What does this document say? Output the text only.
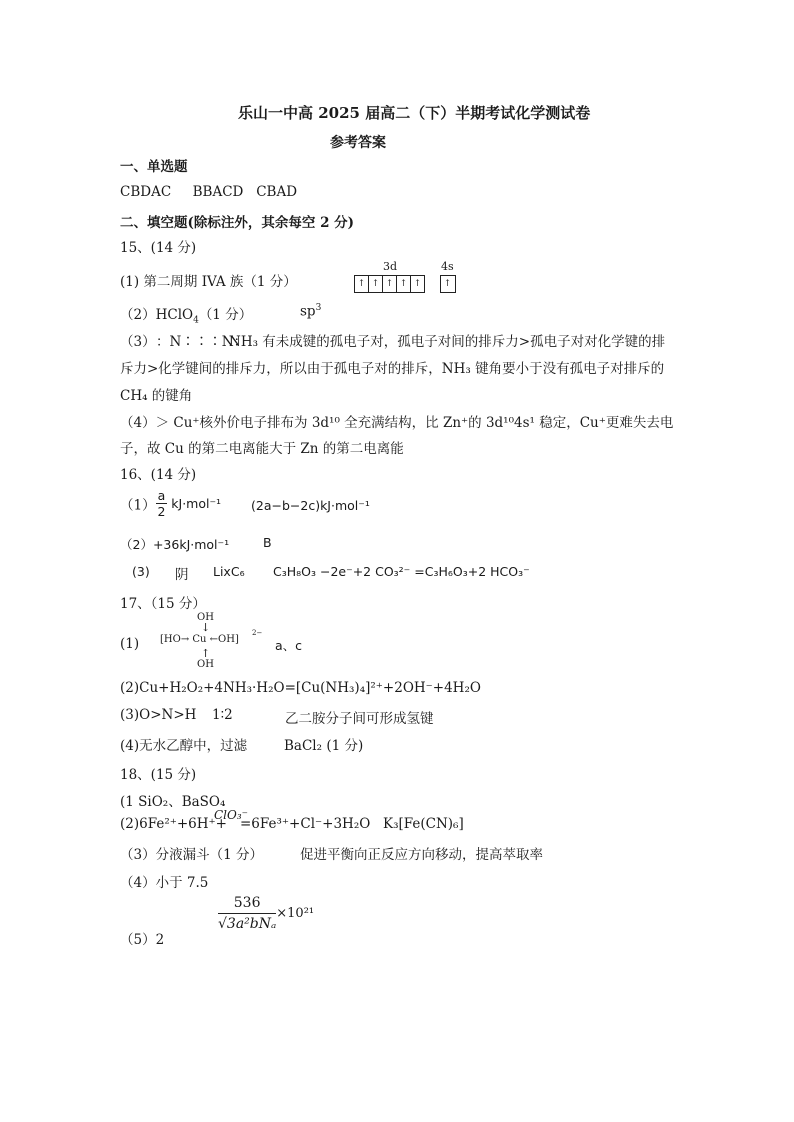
乐山一中高 2025 届高二（下）半期考试化学测试卷
参考答案
一、单选题
CBDAC     BBACD   CBAD
二、填空题(除标注外，其余每空 2 分)
15、(14 分)
(1) 第二周期 IVA 族（1 分）
3d	4s
↑ ↑ ↑ ↑ ↑	↑
（2）HClO$_4$（1 分）	$sp^3$
（3） ：N∶∶∶N：
NH₃ 有未成键的孤电子对，孤电子对间的排斥力>孤电子对对化学键的排
斥力>化学键间的排斥力，所以由于孤电子对的排斥，NH₃ 键角要小于没有孤电子对排斥的
CH₄ 的键角
（4）＞ Cu⁺核外价电子排布为 3d¹⁰ 全充满结构，比 Zn⁺的 3d¹⁰4s¹ 稳定，Cu⁺更难失去电
子，故 Cu 的第二电离能大于 Zn 的第二电离能
16、(14 分)
$(1) \frac{a}{2} kJ\cdot mol^{-1}$ (2a−b−2c)kJ·mol⁻¹
（2）+36kJ·mol⁻¹	B
(3) 阴 LixC₆ C₃H₈O₃ −2e⁻+2 CO₃²⁻ =C₃H₆O₃+2 HCO₃⁻
17、（15 分）
(1)
OH
↓
[HO→ Cu ←OH]
2−
↑
OH
a、c
(2)Cu+H₂O₂+4NH₃·H₂O=[Cu(NH₃)₄]²⁺+2OH⁻+4H₂O
(3)O>N>H 1∶2	乙二胺分子间可形成氢键
(4)无水乙醇中，过滤	BaCl₂ (1 分)
18、(15 分)
(1 SiO₂、BaSO₄
(2)6Fe²⁺+6H⁺+
ClO₃⁻
=6Fe³⁺+Cl⁻+3H₂O K₃[Fe(CN)₆]
（3）分液漏斗（1 分）	促进平衡向正反应方向移动，提高萃取率
（4）小于 7.5
（5）2
$\frac{536}{\text{√3a²bNₐ}} \times 10^{21}$
